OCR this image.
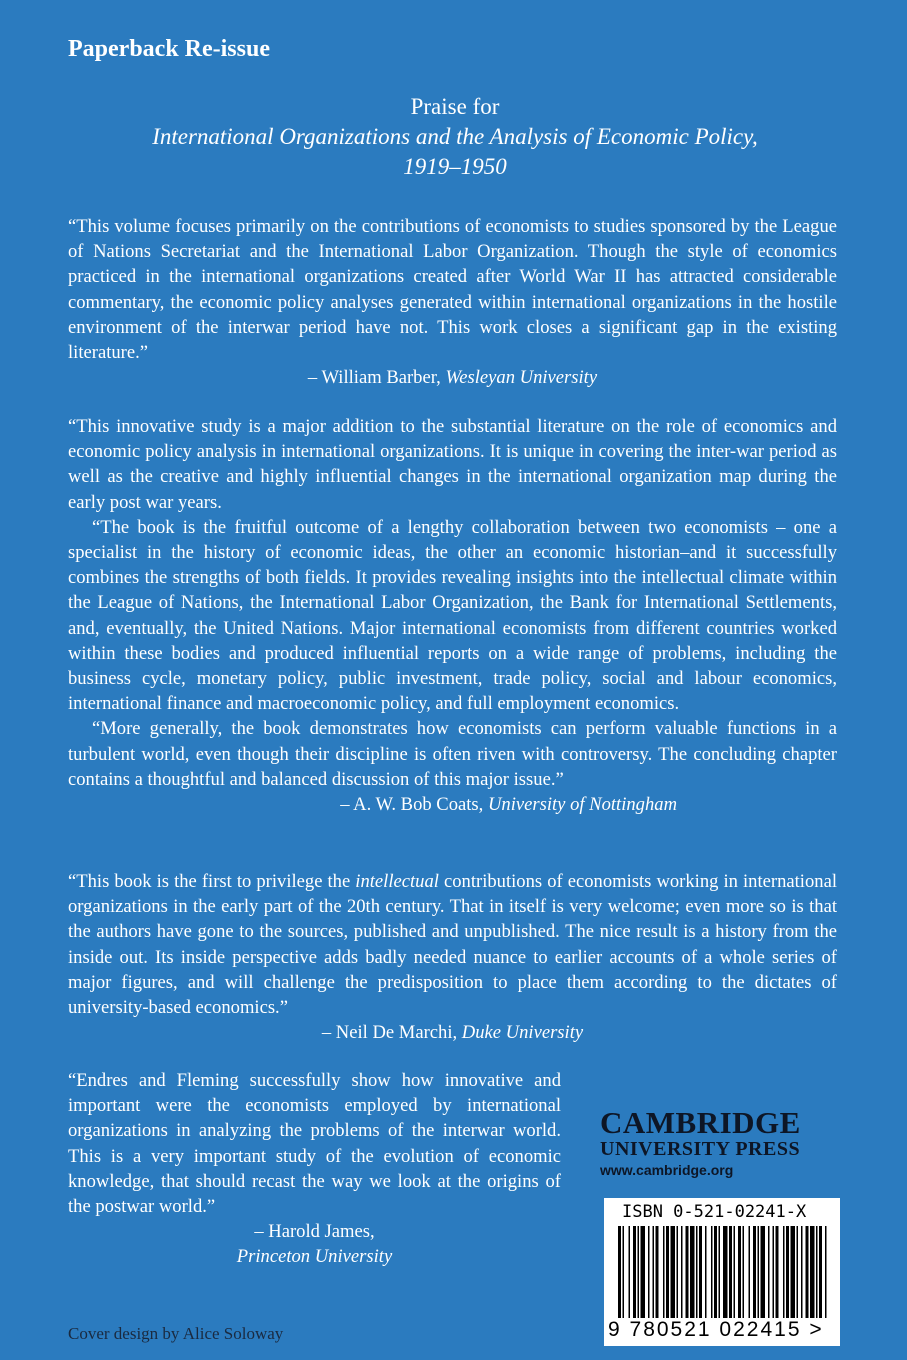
Paperback Re-issue
Praise for
International Organizations and the Analysis of Economic Policy,
1919–1950

“This volume focuses primarily on the contributions of economists to studies sponsored by the League of Nations Secretariat and the International Labor Organization. Though the style of economics practiced in the international organizations created after World War II has attracted considerable commentary, the economic policy analyses generated within international organizations in the hostile environment of the interwar period have not. This work closes a significant gap in the existing literature.”

– William Barber, Wesleyan University

“This innovative study is a major addition to the substantial literature on the role of economics and economic policy analysis in international organizations. It is unique in covering the inter-war period as well as the creative and highly influential changes in the international organization map during the early post war years.

“The book is the fruitful outcome of a lengthy collaboration between two economists – one a specialist in the history of economic ideas, the other an economic historian–and it successfully combines the strengths of both fields. It provides revealing insights into the intellectual climate within the League of Nations, the International Labor Organization, the Bank for International Settlements, and, eventually, the United Nations. Major international economists from different countries worked within these bodies and produced influential reports on a wide range of problems, including the business cycle, monetary policy, public investment, trade policy, social and labour economics, international finance and macroeconomic policy, and full employment economics.

“More generally, the book demonstrates how economists can perform valuable functions in a turbulent world, even though their discipline is often riven with controversy. The concluding chapter contains a thoughtful and balanced discussion of this major issue.”
– A. W. Bob Coats, University of Nottingham

“This book is the first to privilege the intellectual contributions of economists working in international organizations in the early part of the 20th century. That in itself is very welcome; even more so is that the authors have gone to the sources, published and unpublished. The nice result is a history from the inside out. Its inside perspective adds badly needed nuance to earlier accounts of a whole series of major figures, and will challenge the predisposition to place them according to the dictates of university-based economics.”

– Neil De Marchi, Duke University

“Endres and Fleming successfully show how innovative and important were the economists employed by international organizations in analyzing the problems of the interwar world. This is a very important study of the evolution of economic knowledge, that should recast the way we look at the origins of the postwar world.”

– Harold James,
Princeton University
CAMBRIDGE
UNIVERSITY PRESS
www.cambridge.org
ISBN 0-521-02241-X
9 780521 022415 >
Cover design by Alice Soloway
